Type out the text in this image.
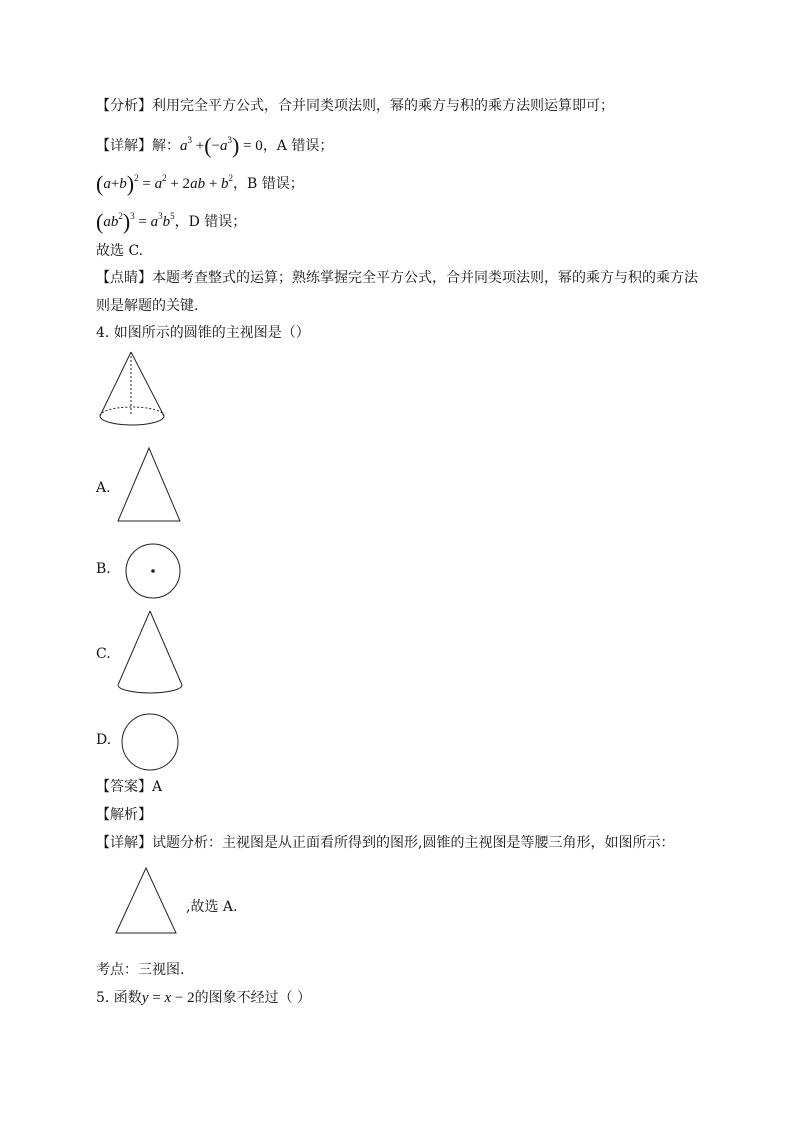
【分析】利用完全平方公式，合并同类项法则，幂的乘方与积的乘方法则运算即可；
【详解】解：$a^3 +(-a^3) = 0$，A 错误；
$(a+b)^2 = a^2 + 2ab + b^2$，B 错误；
$(ab^2)^3 = a^3b^5$，D 错误；
故选 C.
【点睛】本题考查整式的运算；熟练掌握完全平方公式，合并同类项法则，幂的乘方与积的乘方法
则是解题的关键.
4. 如图所示的圆锥的主视图是（）
A.
B.
C.
D.
【答案】A
【解析】
【详解】试题分析：主视图是从正面看所得到的图形,圆锥的主视图是等腰三角形，如图所示：
,故选 A.
考点：三视图.
5. 函数y = x − 2的图象不经过（ ）
